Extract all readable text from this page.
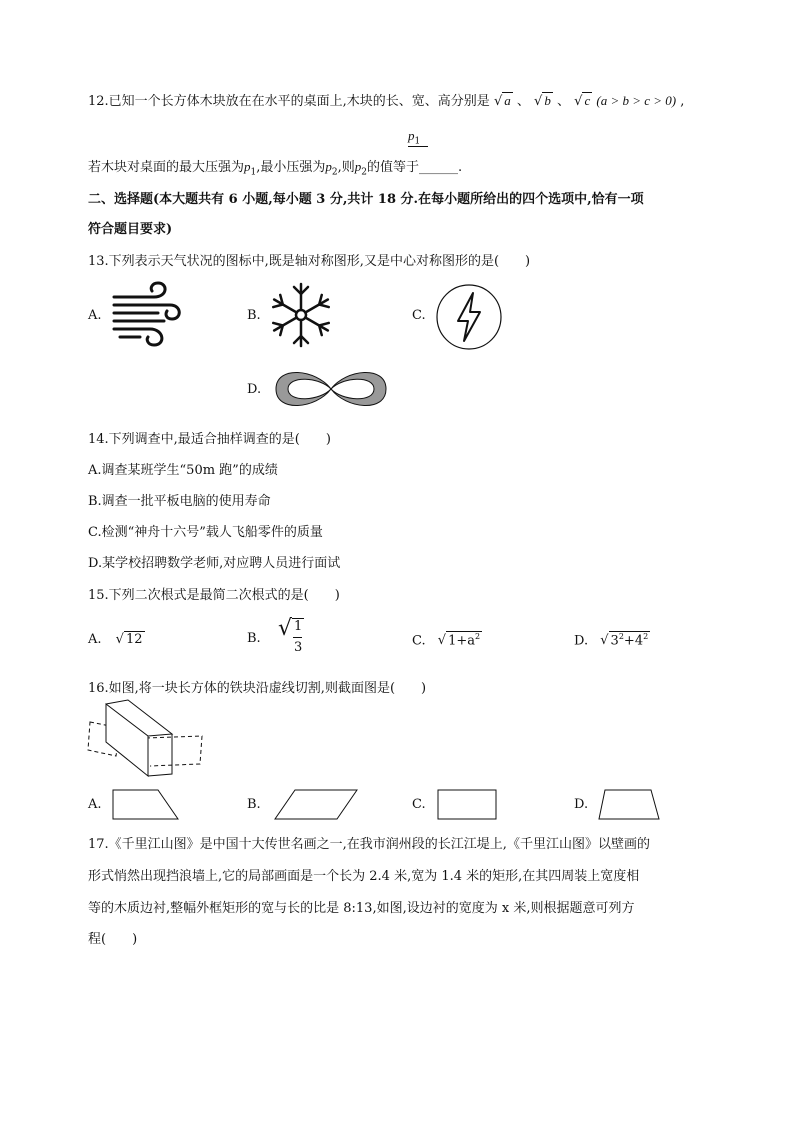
12.已知一个长方体木块放在在水平的桌面上,木块的长、宽、高分别是 √ a 、 √ b 、 √ c (a > b > c > 0) ,
$p_1$
若木块对桌面的最大压强为$p_1$,最小压强为$p_2$,则$p_2$的值等于______.
二、选择题(本大题共有 6 小题,每小题 3 分,共计 18 分.在每小题所给出的四个选项中,恰有一项
符合题目要求)
13.下列表示天气状况的图标中,既是轴对称图形,又是中心对称图形的是(　　)
A.	B.	C.
D.
14.下列调查中,最适合抽样调查的是(　　)
A.调查某班学生“50m 跑”的成绩
B.调查一批平板电脑的使用寿命
C.检测“神舟十六号”载人飞船零件的质量
D.某学校招聘数学老师,对应聘人员进行面试
15.下列二次根式是最简二次根式的是(　　)
A. √ 12	B. √ 1
3	C. √ $1+a^2$	D. √ $3^2+4^2$
16.如图,将一块长方体的铁块沿虚线切割,则截面图是(　　)
A.	B.	C.	D.
17.《千里江山图》是中国十大传世名画之一,在我市润州段的长江江堤上,《千里江山图》以壁画的
形式悄然出现挡浪墙上,它的局部画面是一个长为 2.4 米,宽为 1.4 米的矩形,在其四周装上宽度相
等的木质边衬,整幅外框矩形的宽与长的比是 8:13,如图,设边衬的宽度为 x 米,则根据题意可列方
程(　　)
